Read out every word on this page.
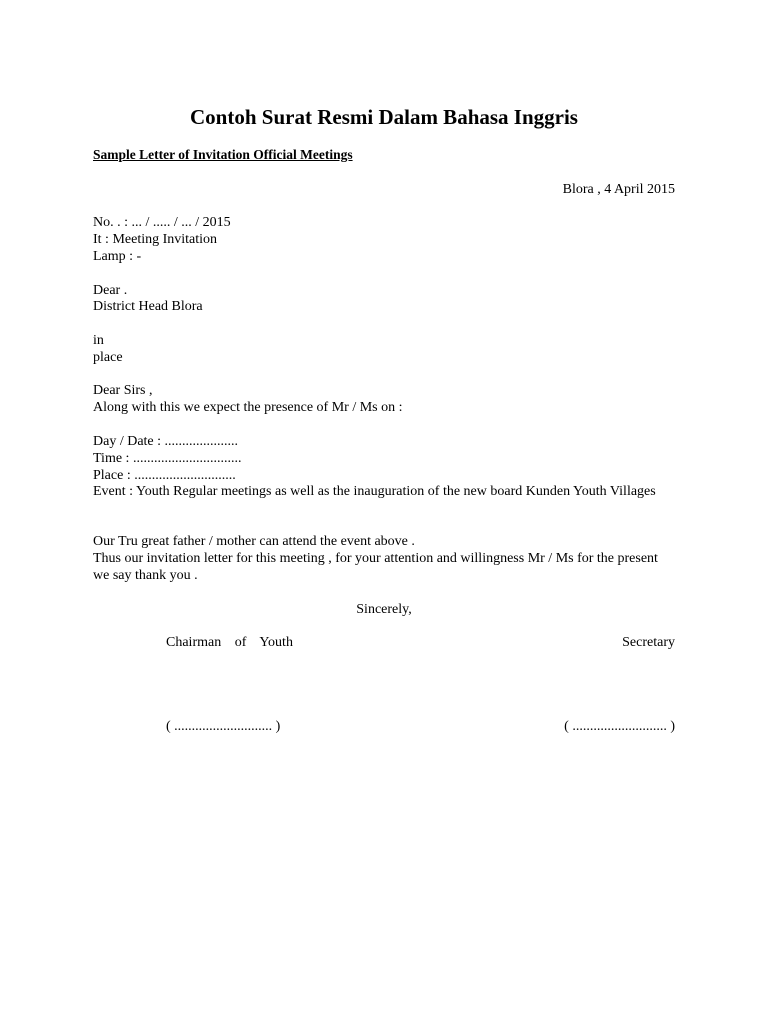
Contoh Surat Resmi Dalam Bahasa Inggris
Sample Letter of Invitation Official Meetings
Blora , 4 April 2015
No. . : ... / ..... / ... / 2015
It : Meeting Invitation
Lamp : -
Dear .
District Head Blora
in
place
Dear Sirs ,
Along with this we expect the presence of Mr / Ms on :
Day / Date : .....................
Time : ...............................
Place : .............................
Event : Youth Regular meetings as well as the inauguration of the new board Kunden Youth Villages
Our Tru great father / mother can attend the event above .
Thus our invitation letter for this meeting , for your attention and willingness Mr / Ms for the present we say thank you .
Sincerely,
Chairman of Youth	Secretary
( ............................ )	( ........................... )
